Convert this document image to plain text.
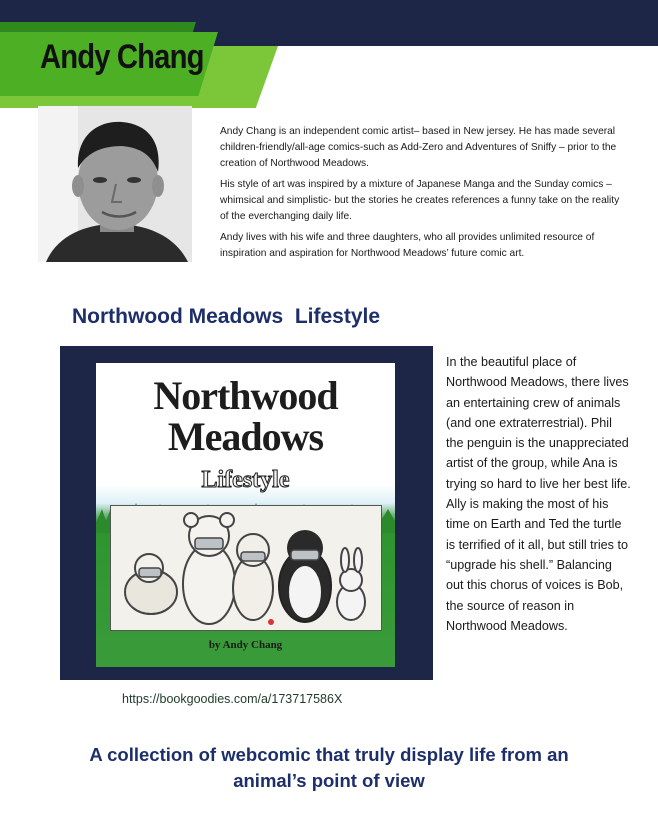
Andy Chang

Andy Chang is an independent comic artist– based in New jersey. He has made several children-friendly/all-age comics-such as Add-Zero and Adventures of Sniffy – prior to the creation of Northwood Meadows.

His style of art was inspired by a mixture of Japanese Manga and the Sunday comics – whimsical and simplistic- but the stories he creates references a funny take on the reality of the everchanging daily life.

Andy lives with his wife and three daughters, who all provides unlimited resource of inspiration and aspiration for Northwood Meadows’ future comic art.

Northwood Meadows  Lifestyle
Northwood
Meadows
Lifestyle
by Andy Chang

In the beautiful place of Northwood Meadows, there lives an entertaining crew of animals (and one extraterrestrial). Phil the penguin is the unappreciated artist of the group, while Ana is trying so hard to live her best life. Ally is making the most of his time on Earth and Ted the turtle is terrified of it all, but still tries to “upgrade his shell.” Balancing out this chorus of voices is Bob, the source of reason in Northwood Meadows.

https://bookgoodies.com/a/173717586X

A collection of webcomic that truly display life from an animal’s point of view
